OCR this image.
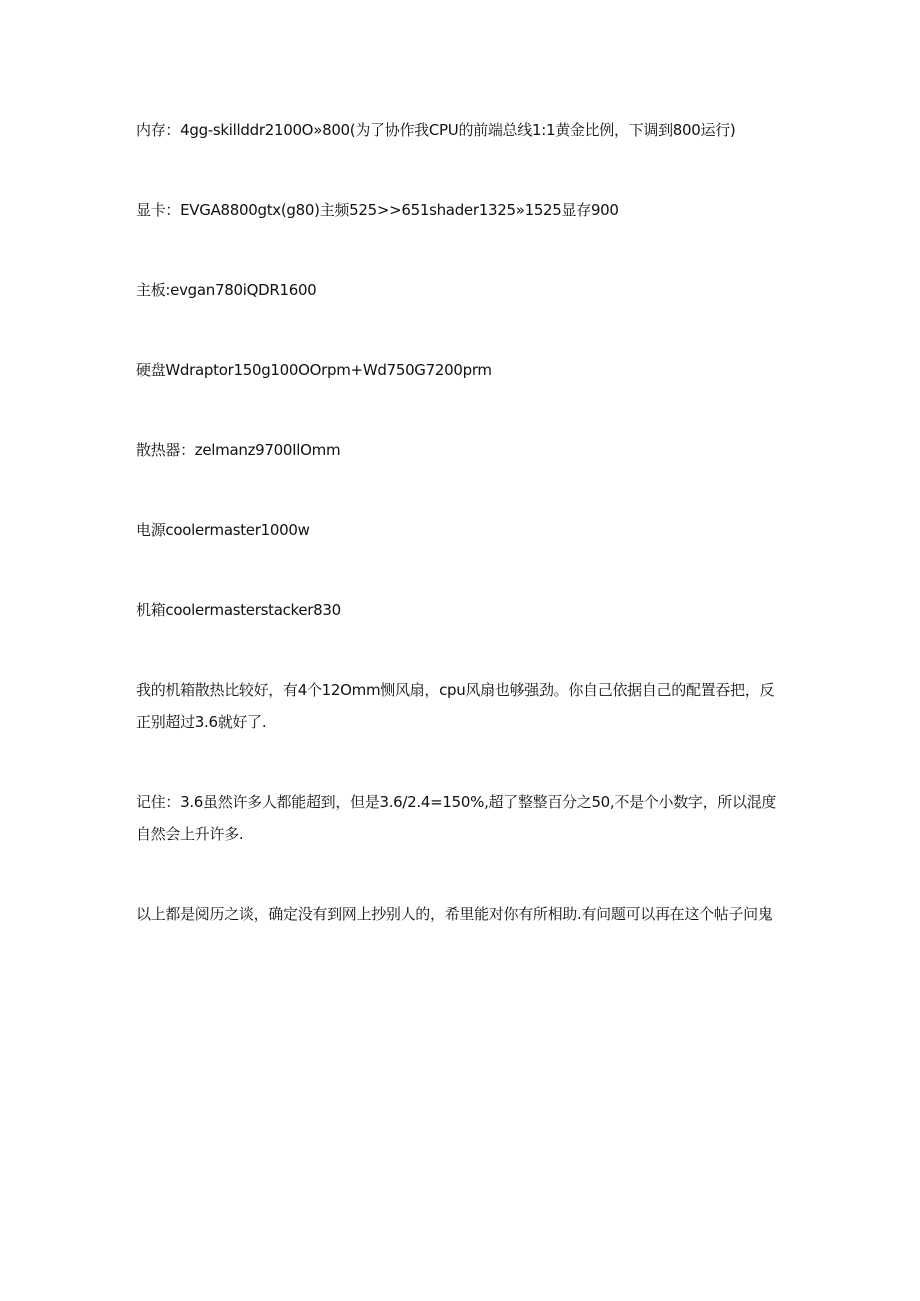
内存：4gg-skillddr2100O»800(为了协作我CPU的前端总线1:1黄金比例，下调到800运行)

显卡：EVGA8800gtx(g80)主频525>>651shader1325»1525显存900

主板:evgan780iQDR1600

硬盘Wdraptor150g100OOrpm+Wd750G7200prm

散热器：zelmanz9700IlOmm

电源coolermaster1000w

机箱coolermasterstacker830

我的机箱散热比较好，有4个12Omm恻风扇，cpu风扇也够强劲。你自己依据自己的配置吞把，反正别超过3.6就好了.

记住：3.6虽然许多人都能超到，但是3.6/2.4=150%,超了整整百分之50,不是个小数字，所以混度自然会上升许多.

以上都是阅历之谈，确定没有到网上抄别人的，希里能对你有所相助.有问题可以再在这个帖子问鬼
